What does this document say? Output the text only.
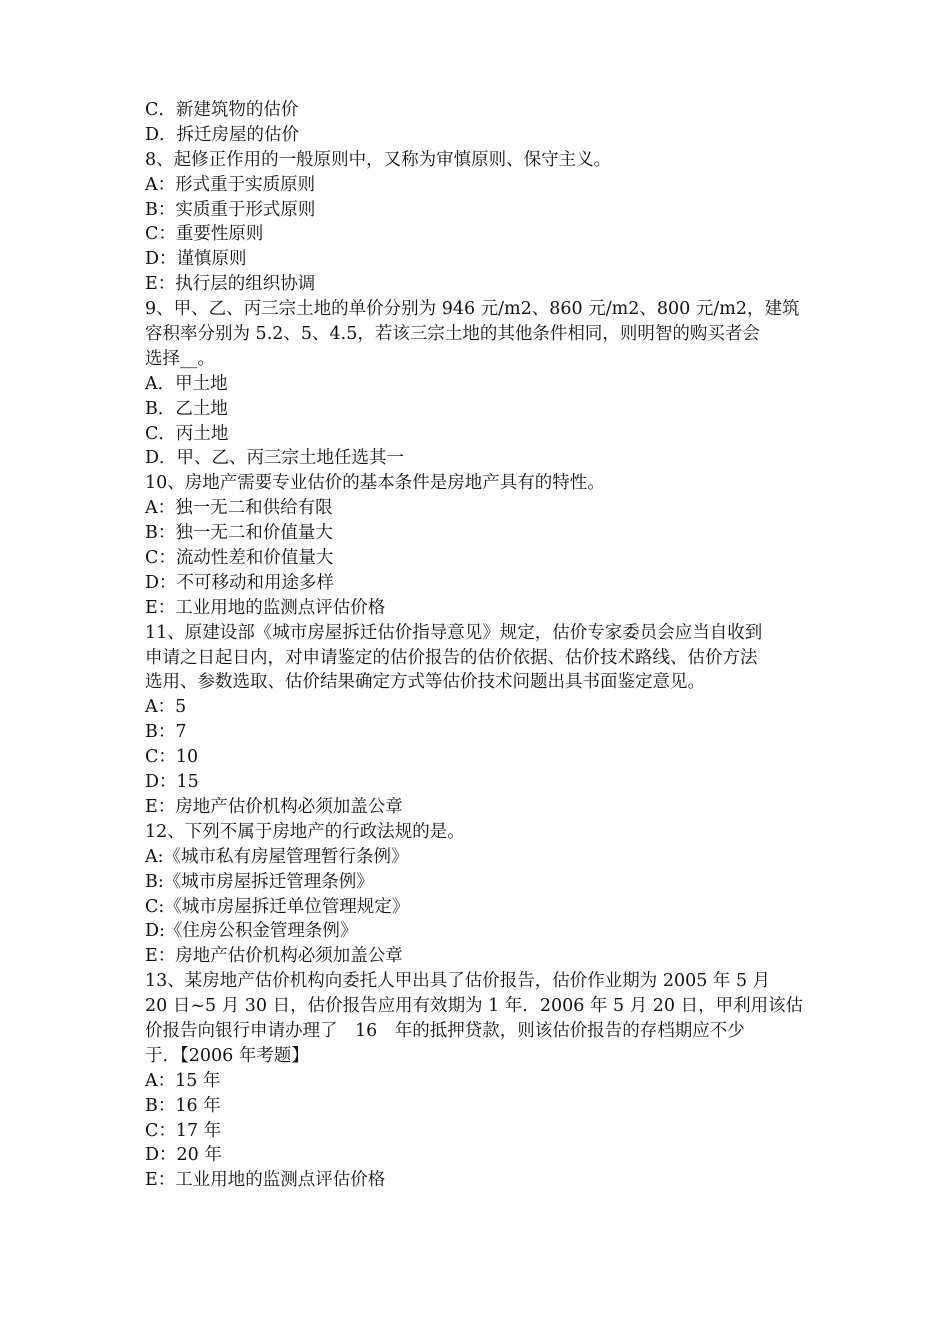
C．新建筑物的估价
D．拆迁房屋的估价
8、起修正作用的一般原则中，又称为审慎原则、保守主义。
A：形式重于实质原则
B：实质重于形式原则
C：重要性原则
D：谨慎原则
E：执行层的组织协调
9、甲、乙、丙三宗土地的单价分别为 946 元/m2、860 元/m2、800 元/m2，建筑
容积率分别为 5.2、5、4.5，若该三宗土地的其他条件相同，则明智的购买者会
选择__。
A．甲土地
B．乙土地
C．丙土地
D．甲、乙、丙三宗土地任选其一
10、房地产需要专业估价的基本条件是房地产具有的特性。
A：独一无二和供给有限
B：独一无二和价值量大
C：流动性差和价值量大
D：不可移动和用途多样
E：工业用地的监测点评估价格
11、原建设部《城市房屋拆迁估价指导意见》规定，估价专家委员会应当自收到
申请之日起日内，对申请鉴定的估价报告的估价依据、估价技术路线、估价方法
选用、参数选取、估价结果确定方式等估价技术问题出具书面鉴定意见。
A：5
B：7
C：10
D：15
E：房地产估价机构必须加盖公章
12、下列不属于房地产的行政法规的是。
A:《城市私有房屋管理暂行条例》
B:《城市房屋拆迁管理条例》
C:《城市房屋拆迁单位管理规定》
D:《住房公积金管理条例》
E：房地产估价机构必须加盖公章
13、某房地产估价机构向委托人甲出具了估价报告，估价作业期为 2005 年 5 月
20 日~5 月 30 日，估价报告应用有效期为 1 年．2006 年 5 月 20 日，甲利用该估
价报告向银行申请办理了　16　年的抵押贷款，则该估价报告的存档期应不少
于．【2006 年考题】
A：15 年
B：16 年
C：17 年
D：20 年
E：工业用地的监测点评估价格
